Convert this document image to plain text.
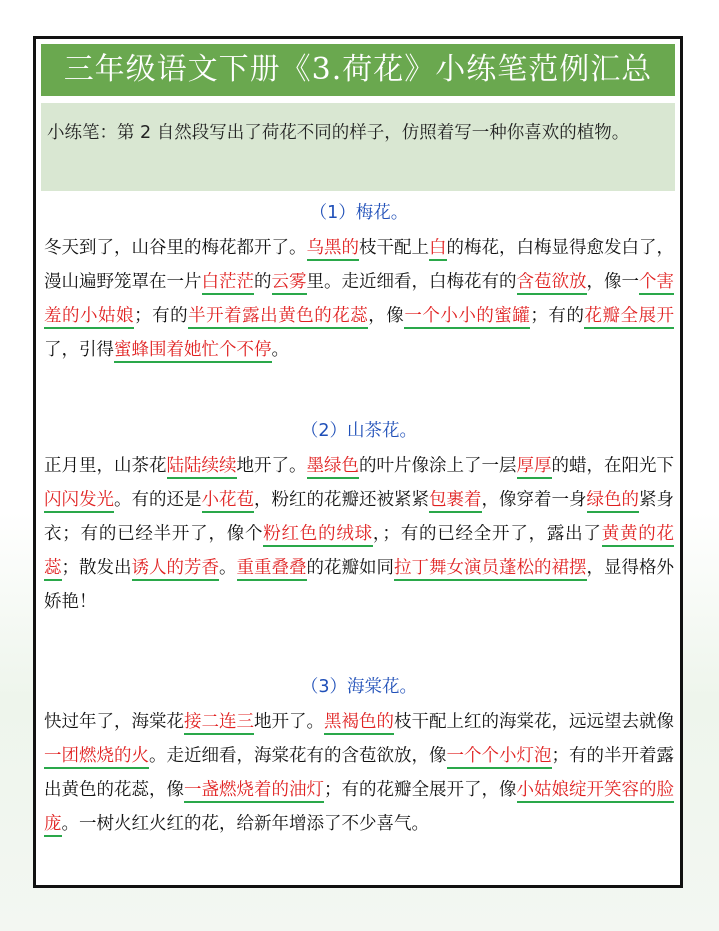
三年级语文下册《3.荷花》小练笔范例汇总
小练笔：第 2 自然段写出了荷花不同的样子，仿照着写一种你喜欢的植物。
（1）梅花。

冬天到了，山谷里的梅花都开了。乌黑的枝干配上白的梅花，白梅显得愈发白了，漫山遍野笼罩在一片白茫茫的云雾里。走近细看，白梅花有的含苞欲放，像一个害羞的小姑娘；有的半开着露出黄色的花蕊，像一个小小的蜜罐；有的花瓣全展开了，引得蜜蜂围着她忙个不停。

（2）山茶花。

正月里，山茶花陆陆续续地开了。墨绿色的叶片像涂上了一层厚厚的蜡，在阳光下闪闪发光。有的还是小花苞，粉红的花瓣还被紧紧包裹着，像穿着一身绿色的紧身衣；有的已经半开了，像个粉红色的绒球，；有的已经全开了，露出了黄黄的花蕊；散发出诱人的芳香。重重叠叠的花瓣如同拉丁舞女演员蓬松的裙摆，显得格外娇艳！

（3）海棠花。

快过年了，海棠花接二连三地开了。黑褐色的枝干配上红的海棠花，远远望去就像一团燃烧的火。走近细看，海棠花有的含苞欲放，像一个个小灯泡；有的半开着露出黄色的花蕊，像一盏燃烧着的油灯；有的花瓣全展开了，像小姑娘绽开笑容的脸庞。一树火红火红的花，给新年增添了不少喜气。
